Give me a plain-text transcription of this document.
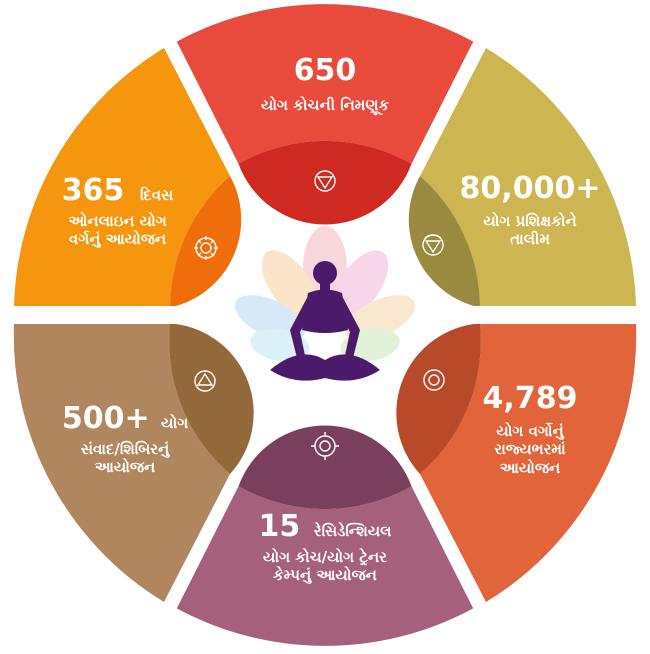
650
યોગ કોચની નિમણૂક
80,000+
યોગ પ્રશિક્ષકોને
તાલીમ
4,789
યોગ વર્ગોનું
રાજ્યભરમાં
આયોજન
15 રેસિડેન્શિયલ
યોગ કોચ/યોગ ટ્રેનર
કેમ્પનું આયોજન
500+ યોગ
સંવાદ/શિબિરનું
આયોજન
365 દિવસ
ઓનલાઇન યોગ
વર્ગનું આયોજન
